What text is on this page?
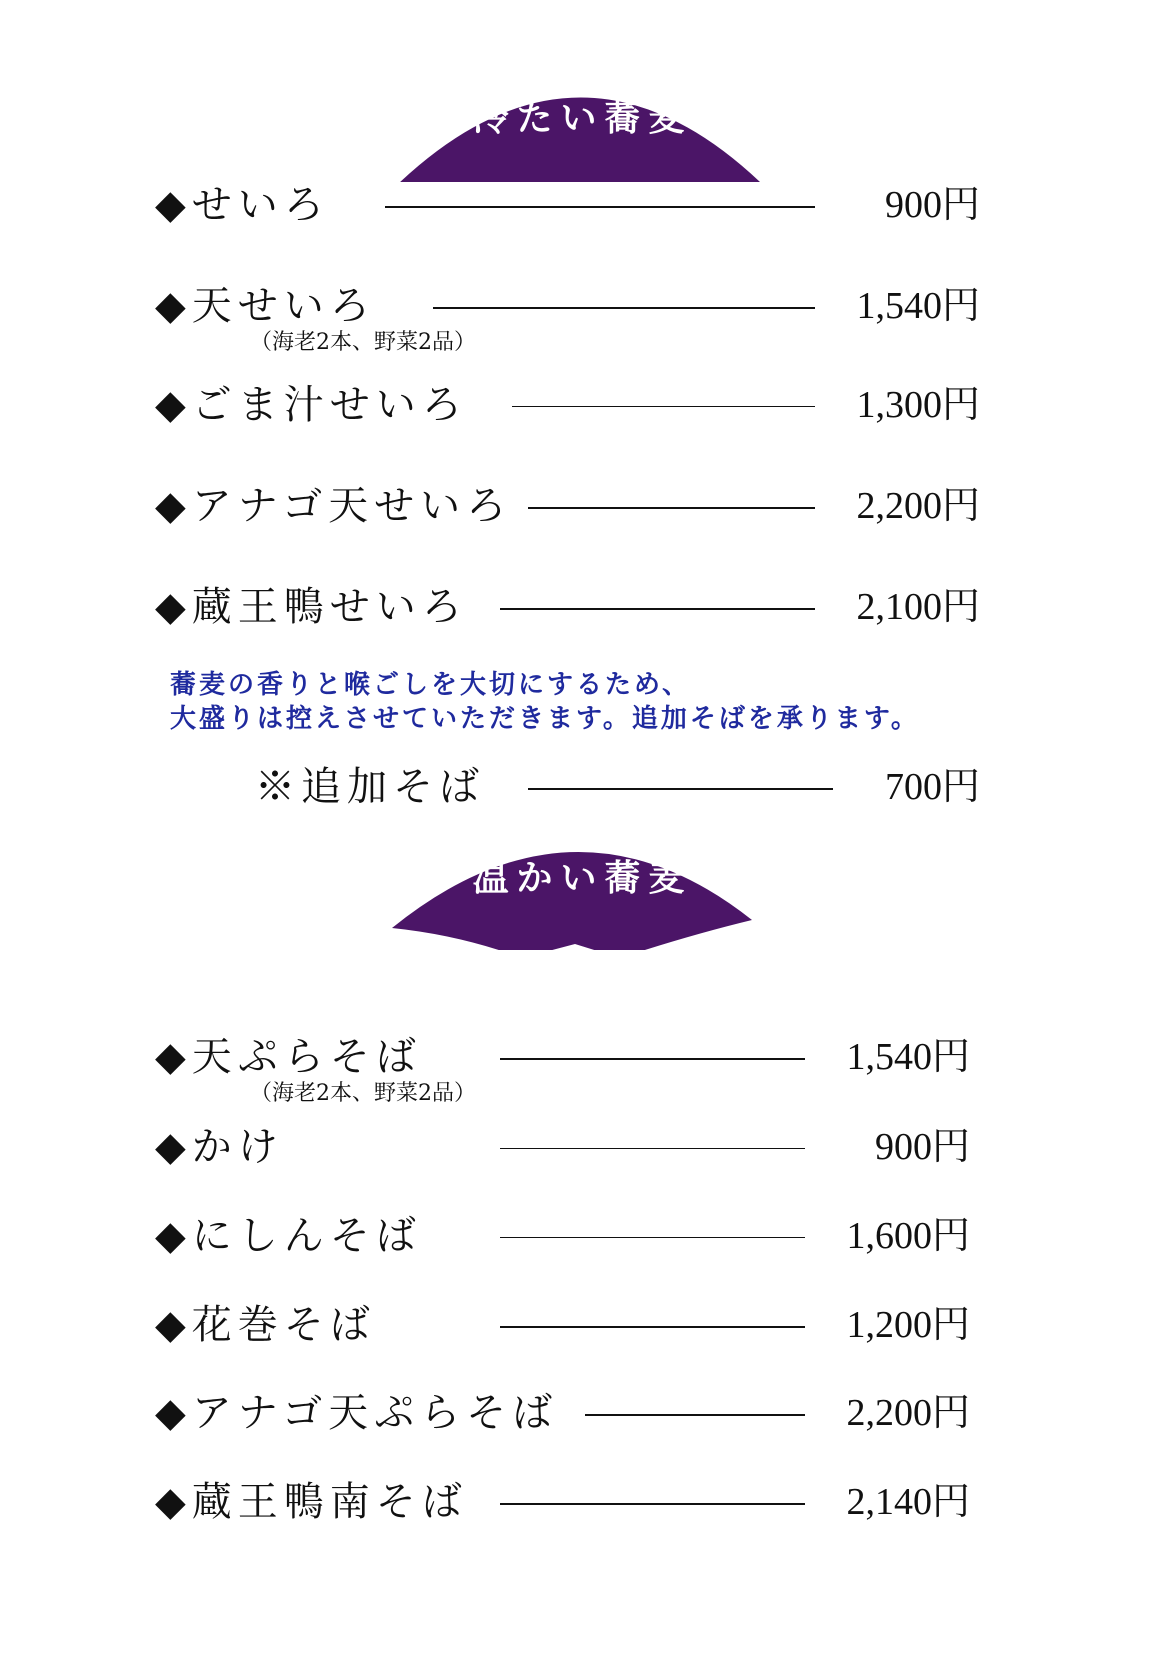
冷たい蕎麦
◆せいろ	900円
◆天せいろ	1,540円
（海老2本、野菜2品）
◆ごま汁せいろ	1,300円
◆アナゴ天せいろ	2,200円
◆蔵王鴨せいろ	2,100円
蕎麦の香りと喉ごしを大切にするため、
大盛りは控えさせていただきます。追加そばを承ります。
※追加そば	700円
温かい蕎麦
◆天ぷらそば	1,540円
（海老2本、野菜2品）
◆かけ	900円
◆にしんそば	1,600円
◆花巻そば	1,200円
◆アナゴ天ぷらそば	2,200円
◆蔵王鴨南そば	2,140円
